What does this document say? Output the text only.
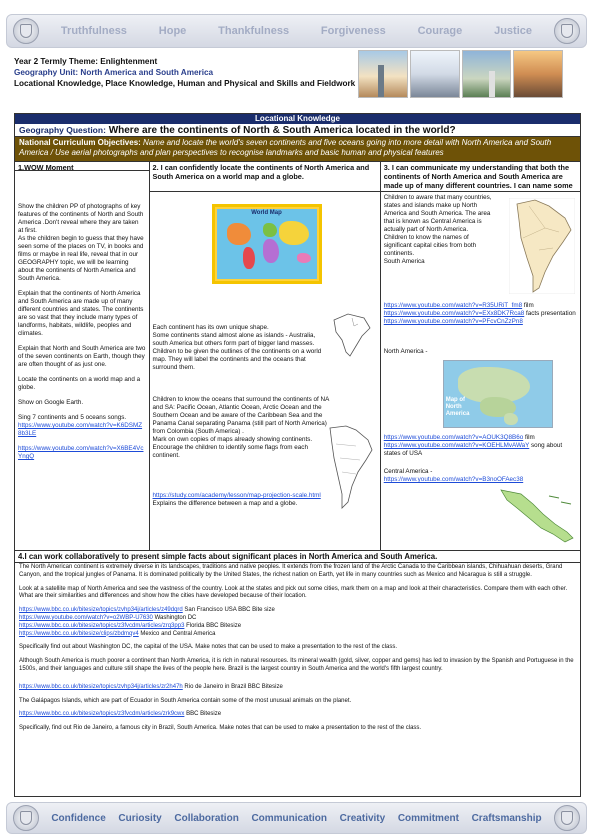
Truthfulness	Hope	Thankfulness	Forgiveness	Courage	Justice
Year 2 Termly Theme: Enlightenment
Geography Unit: North America and South America
Locational Knowledge, Place Knowledge, Human and Physical and Skills and Fieldwork
Locational Knowledge
Geography Question: Where are the continents of North & South America located in the world?
National Curriculum Objectives: Name and locate the world's seven continents and five oceans going into more detail with North America and South America / Use aerial photographs and plan perspectives to recognise landmarks and basic human and physical features
1.WOW Moment

Show the children PP of photographs of key features of the continents of North and South America .Don't reveal where they are taken at first.

As the children begin to guess that they have seen some of the places on TV, in books and films or maybe in real life, reveal that in our GEOGRAPHY topic, we will be learning about the continents of North America and South America.

Explain that the continents of North America and South America are made up of many different countries and states. The continents are so vast that they include many types of landforms, habitats, wildlife, peoples and climates.

Explain that North and South America are two of the seven continents on Earth, though they are often thought of as just one.

Locate the continents on a world map and a globe.

Show on Google Earth.

Sing 7 continents and 5 oceans songs.

https://www.youtube.com/watch?v=K6DSMZ8b3LE

https://www.youtube.com/watch?v=X6BE4VcYngQ

2. I can confidently locate the continents of North America and South America on a world map and a globe.
World Map
Each continent has its own unique shape.
Some continents stand almost alone as islands - Australia, south America but others form part of bigger land masses.
Children to be given the outlines of the continents on a world map. They will label the continents and the oceans that surround them.
Children to know the oceans that surround the continents of NA and SA: Pacific Ocean, Atlantic Ocean, Arctic Ocean and the Southern Ocean and be aware of the Caribbean Sea and the Panama Canal separating Panama (still part of North America) from Colombia (South America) .
Mark on own copies of maps already showing continents.
Encourage the children to identify some flags from each continent.
https://study.com/academy/lesson/map-projection-scale.html
Explains the difference between a map and a globe.
3. I can communicate my understanding that both the continents of North America and South America are made up of many different countries. I can name some
Children to aware that many countries, states and islands make up North America and South America. The area that is known as Central America is actually part of North America.
Children to know the names of significant capital cities from both continents.
South America
https://www.youtube.com/watch?v=R35URiT_fm8 film
https://www.youtube.com/watch?v=EXx8DK7Rca8 facts presentation
https://www.youtube.com/watch?v=PFcvCnZzPn8
North America -
Map of North America
https://www.youtube.com/watch?v=AOUK3Q8B6o film
https://www.youtube.com/watch?v=KOEHLMvAWaY song about states of USA
Central America -
https://www.youtube.com/watch?v=B3noOFAec38
4.I can work collaboratively to present simple facts about significant places in North America and South America.

The North American continent is extremely diverse in its landscapes, traditions and native peoples. It extends from the frozen land of the Arctic Canada to the Caribbean islands, Chihuahuan deserts, Grand Canyon, and the tropical jungles of Panama. It is dominated politically by the United States, the richest nation on Earth, yet life in many countries such as Mexico and Nicaragua is still a struggle.

Look at a satellite map of North America and see the vastness of the country. Look at the states and pick out some cities, mark them on a map and look at their characteristics. Compare them with each other. What are their similarities and differences and show how the cities have developed because of their location.

https://www.bbc.co.uk/bitesize/topics/zvhp34j/articles/z49dqrd San Francisco USA BBC Bite size
https://www.youtube.com/watch?v=o2WBP-U7630 Washington DC
https://www.bbc.co.uk/bitesize/topics/z3fvcdm/articles/zrq3pp3 Florida BBC Bitesize
https://www.bbc.co.uk/bitesize/clips/zbdmqv4 Mexico and Central America

Specifically find out about Washington DC, the capital of the USA. Make notes that can be used to make a presentation to the rest of the class.

Although South America is much poorer a continent than North America, it is rich in natural resources. Its mineral wealth (gold, silver, copper and gems) has led to invasion by the Spanish and Portuguese in the 1500s, and their languages and culture still shape the lives of the people here. Brazil is the largest country in South America and the world's fifth largest country.

https://www.bbc.co.uk/bitesize/topics/zvhp34j/articles/zr2h47h Rio de Janeiro in Brazil BBC Bitesize

The Galápagos Islands, which are part of Ecuador in South America contain some of the most unusual animals on the planet.

https://www.bbc.co.uk/bitesize/topics/z3fvcdm/articles/zrk9cwx BBC Bitesize

Specifically, find out Rio de Janeiro, a famous city in Brazil, South America. Make notes that can be used to make a presentation to the rest of the class.

Confidence Curiosity Collaboration Communication Creativity Commitment Craftsmanship
